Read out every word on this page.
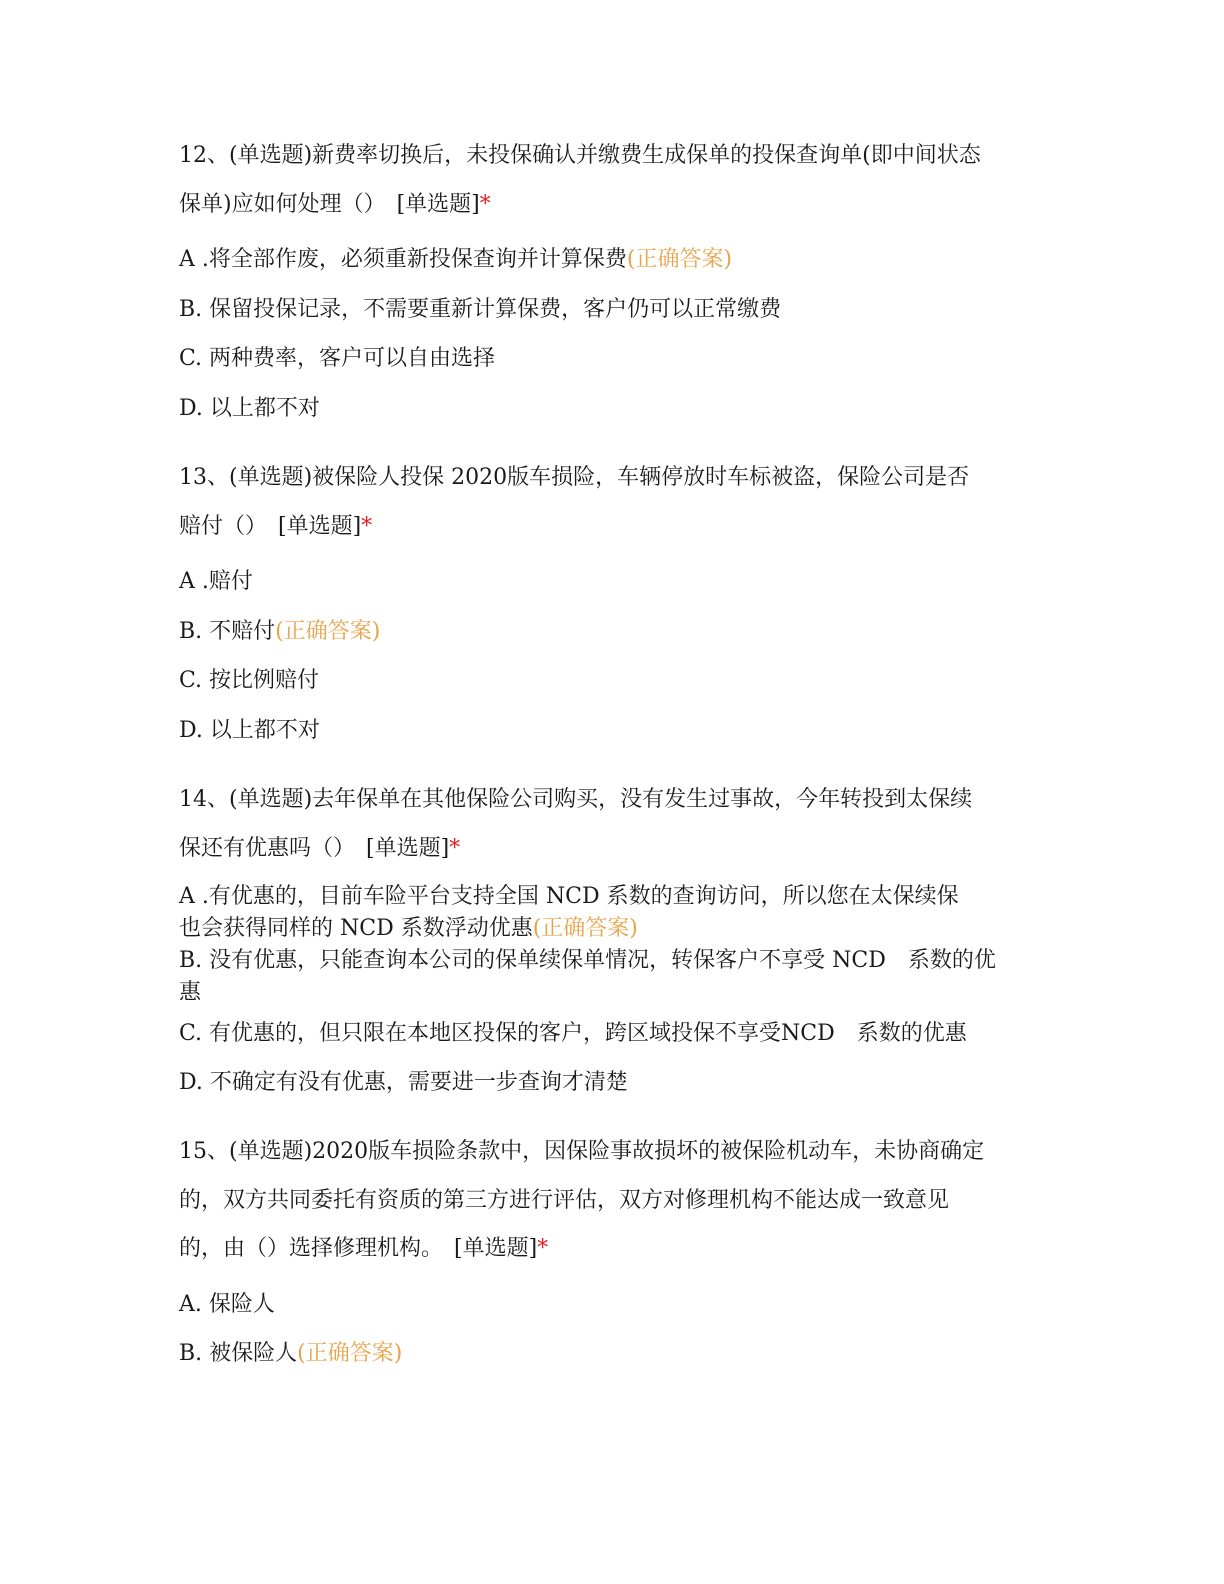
12、(单选题)新费率切换后，未投保确认并缴费生成保单的投保查询单(即中间状态
保单)应如何处理（）　[单选题]*
A .将全部作废，必须重新投保查询并计算保费(正确答案)
B. 保留投保记录，不需要重新计算保费，客户仍可以正常缴费
C. 两种费率，客户可以自由选择
D. 以上都不对
13、(单选题)被保险人投保 2020版车损险，车辆停放时车标被盗，保险公司是否
赔付（）　[单选题]*
A .赔付
B. 不赔付(正确答案)
C. 按比例赔付
D. 以上都不对
14、(单选题)去年保单在其他保险公司购买，没有发生过事故，今年转投到太保续
保还有优惠吗（）　[单选题]*
A .有优惠的，目前车险平台支持全国 NCD 系数的查询访问，所以您在太保续保
也会获得同样的 NCD 系数浮动优惠(正确答案)
B. 没有优惠，只能查询本公司的保单续保单情况，转保客户不享受 NCD　系数的优
惠
C. 有优惠的，但只限在本地区投保的客户，跨区域投保不享受NCD　系数的优惠
D. 不确定有没有优惠，需要进一步查询才清楚
15、(单选题)2020版车损险条款中，因保险事故损坏的被保险机动车，未协商确定
的，双方共同委托有资质的第三方进行评估，双方对修理机构不能达成一致意见
的，由（）选择修理机构。　[单选题]*
A. 保险人
B. 被保险人(正确答案)
